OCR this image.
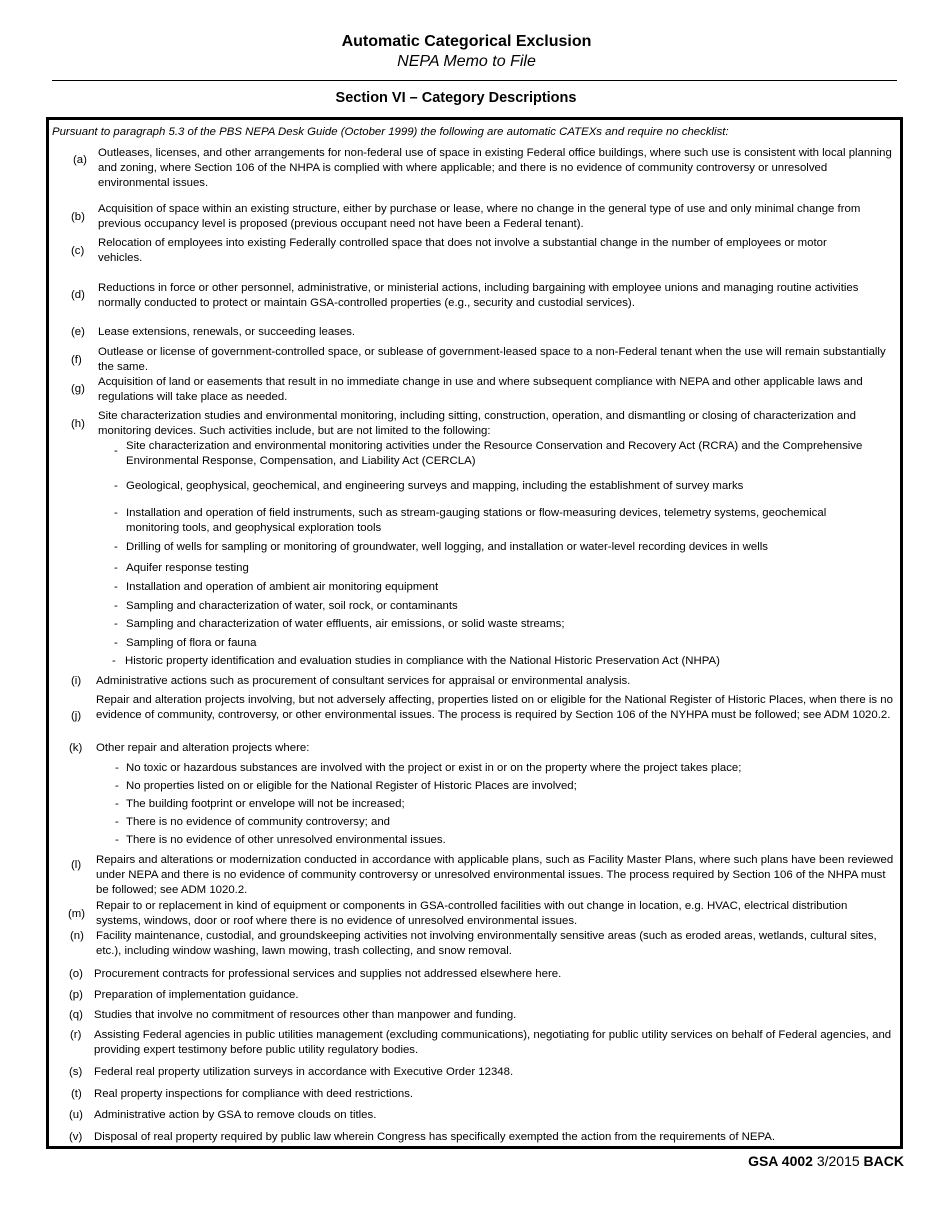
Automatic Categorical Exclusion
NEPA Memo to File
Section VI – Category Descriptions
Pursuant to paragraph 5.3 of the PBS NEPA Desk Guide (October 1999) the following are automatic CATEXs and require no checklist:
(a)
Outleases, licenses, and other arrangements for non-federal use of space in existing Federal office buildings, where such use is consistent with local planning and zoning, where Section 106 of the NHPA is complied with where applicable; and there is no evidence of community controversy or unresolved environmental issues.
(b)
Acquisition of space within an existing structure, either by purchase or lease, where no change in the general type of use and only minimal change from previous occupancy level is proposed (previous occupant need not have been a Federal tenant).
(c)
Relocation of employees into existing Federally controlled space that does not involve a substantial change in the number of employees or motor vehicles.
(d)
Reductions in force or other personnel, administrative, or ministerial actions, including bargaining with employee unions and managing routine activities normally conducted to protect or maintain GSA-controlled properties (e.g., security and custodial services).
(e) Lease extensions, renewals, or succeeding leases.
(f)
Outlease or license of government-controlled space, or sublease of government-leased space to a non-Federal tenant when the use will remain substantially the same.
(g)
Acquisition of land or easements that result in no immediate change in use and where subsequent compliance with NEPA and other applicable laws and regulations will take place as needed.
(h)
Site characterization studies and environmental monitoring, including sitting, construction, operation, and dismantling or closing of characterization and monitoring devices. Such activities include, but are not limited to the following:
- Site characterization and environmental monitoring activities under the Resource Conservation and Recovery Act (RCRA) and the Comprehensive Environmental Response, Compensation, and Liability Act (CERCLA)
- Geological, geophysical, geochemical, and engineering surveys and mapping, including the establishment of survey marks
- Installation and operation of field instruments, such as stream-gauging stations or flow-measuring devices, telemetry systems, geochemical monitoring tools, and geophysical exploration tools
- Drilling of wells for sampling or monitoring of groundwater, well logging, and installation or water-level recording devices in wells
- Aquifer response testing
- Installation and operation of ambient air monitoring equipment
- Sampling and characterization of water, soil rock, or contaminants
- Sampling and characterization of water effluents, air emissions, or solid waste streams;
- Sampling of flora or fauna
- Historic property identification and evaluation studies in compliance with the National Historic Preservation Act (NHPA)
(i) Administrative actions such as procurement of consultant services for appraisal or environmental analysis.
(j)
Repair and alteration projects involving, but not adversely affecting, properties listed on or eligible for the National Register of Historic Places, when there is no evidence of community, controversy, or other environmental issues. The process is required by Section 106 of the NYHPA must be followed; see ADM 1020.2.
(k) Other repair and alteration projects where:
- No toxic or hazardous substances are involved with the project or exist in or on the property where the project takes place;
- No properties listed on or eligible for the National Register of Historic Places are involved;
- The building footprint or envelope will not be increased;
- There is no evidence of community controversy; and
- There is no evidence of other unresolved environmental issues.
(l) Repairs and alterations or modernization conducted in accordance with applicable plans, such as Facility Master Plans, where such plans have been reviewed under NEPA and there is no evidence of community controversy or unresolved environmental issues. The process required by Section 106 of the NHPA must be followed; see ADM 1020.2.
(m)
Repair to or replacement in kind of equipment or components in GSA-controlled facilities with out change in location, e.g. HVAC, electrical distribution systems, windows, door or roof where there is no evidence of unresolved environmental issues.
(n) Facility maintenance, custodial, and groundskeeping activities not involving environmentally sensitive areas (such as eroded areas, wetlands, cultural sites, etc.), including window washing, lawn mowing, trash collecting, and snow removal.
(o) Procurement contracts for professional services and supplies not addressed elsewhere here.
(p) Preparation of implementation guidance.
(q) Studies that involve no commitment of resources other than manpower and funding.
(r) Assisting Federal agencies in public utilities management (excluding communications), negotiating for public utility services on behalf of Federal agencies, and providing expert testimony before public utility regulatory bodies.
(s) Federal real property utilization surveys in accordance with Executive Order 12348.
(t) Real property inspections for compliance with deed restrictions.
(u) Administrative action by GSA to remove clouds on titles.
(v) Disposal of real property required by public law wherein Congress has specifically exempted the action from the requirements of NEPA.
GSA 4002 3/2015 BACK
